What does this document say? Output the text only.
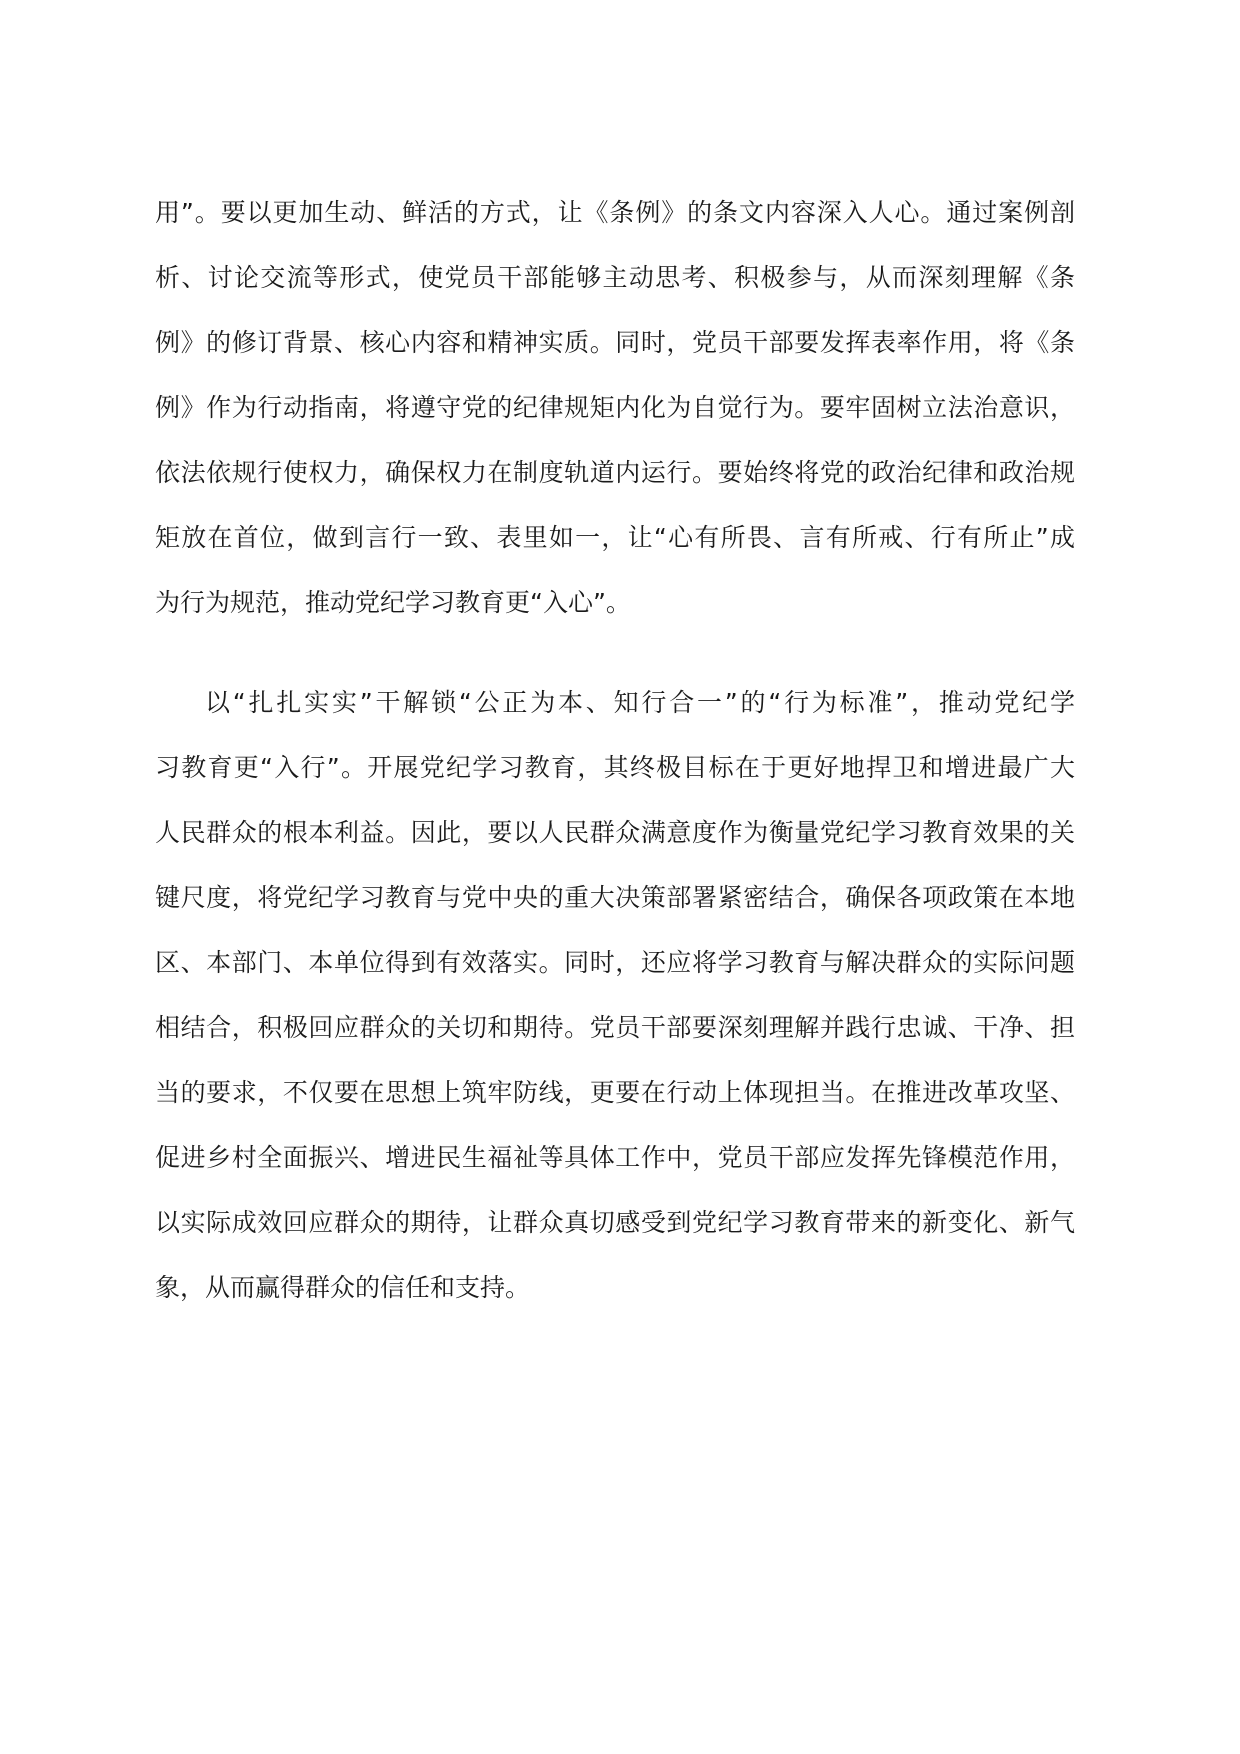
用”。要以更加生动、鲜活的方式，让《条例》的条文内容深入人心。通过案例剖
析、讨论交流等形式，使党员干部能够主动思考、积极参与，从而深刻理解《条
例》的修订背景、核心内容和精神实质。同时，党员干部要发挥表率作用，将《条
例》作为行动指南，将遵守党的纪律规矩内化为自觉行为。要牢固树立法治意识，
依法依规行使权力，确保权力在制度轨道内运行。要始终将党的政治纪律和政治规
矩放在首位，做到言行一致、表里如一，让“心有所畏、言有所戒、行有所止”成
为行为规范，推动党纪学习教育更“入心”。
以“扎扎实实”干解锁“公正为本、知行合一”的“行为标准”，推动党纪学
习教育更“入行”。开展党纪学习教育，其终极目标在于更好地捍卫和增进最广大
人民群众的根本利益。因此，要以人民群众满意度作为衡量党纪学习教育效果的关
键尺度，将党纪学习教育与党中央的重大决策部署紧密结合，确保各项政策在本地
区、本部门、本单位得到有效落实。同时，还应将学习教育与解决群众的实际问题
相结合，积极回应群众的关切和期待。党员干部要深刻理解并践行忠诚、干净、担
当的要求，不仅要在思想上筑牢防线，更要在行动上体现担当。在推进改革攻坚、
促进乡村全面振兴、增进民生福祉等具体工作中，党员干部应发挥先锋模范作用，
以实际成效回应群众的期待，让群众真切感受到党纪学习教育带来的新变化、新气
象，从而赢得群众的信任和支持。
